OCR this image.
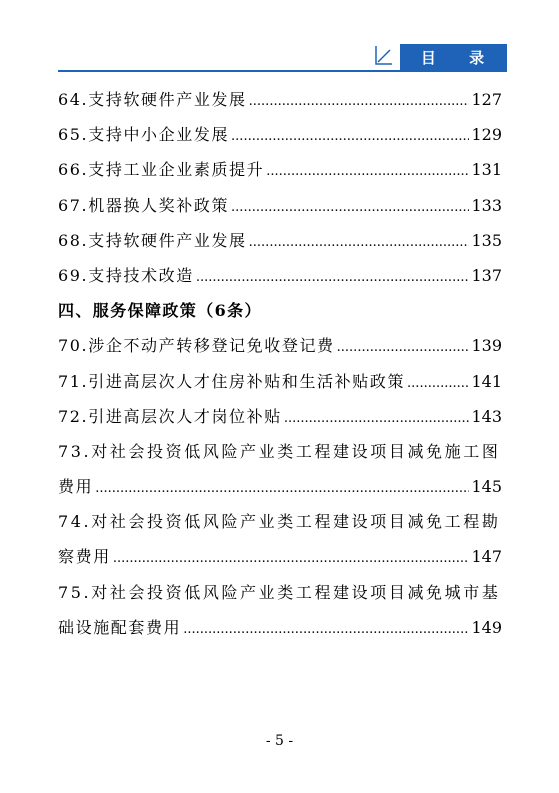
目 录
64.支持软硬件产业发展 .....	127
65.支持中小企业发展 .....	129
66.支持工业企业素质提升 .....	131
67.机器换人奖补政策 .....	133
68.支持软硬件产业发展 .....	135
69.支持技术改造 .....	137
四、服务保障政策（6条）
70.涉企不动产转移登记免收登记费 .....	139
71.引进高层次人才住房补贴和生活补贴政策 .....	141
72.引进高层次人才岗位补贴 .....	143
73.对社会投资低风险产业类工程建设项目减免施工图
费用 .....	145
74.对社会投资低风险产业类工程建设项目减免工程勘
察费用 .....	147
75.对社会投资低风险产业类工程建设项目减免城市基
础设施配套费用 .....	149
- 5 -
